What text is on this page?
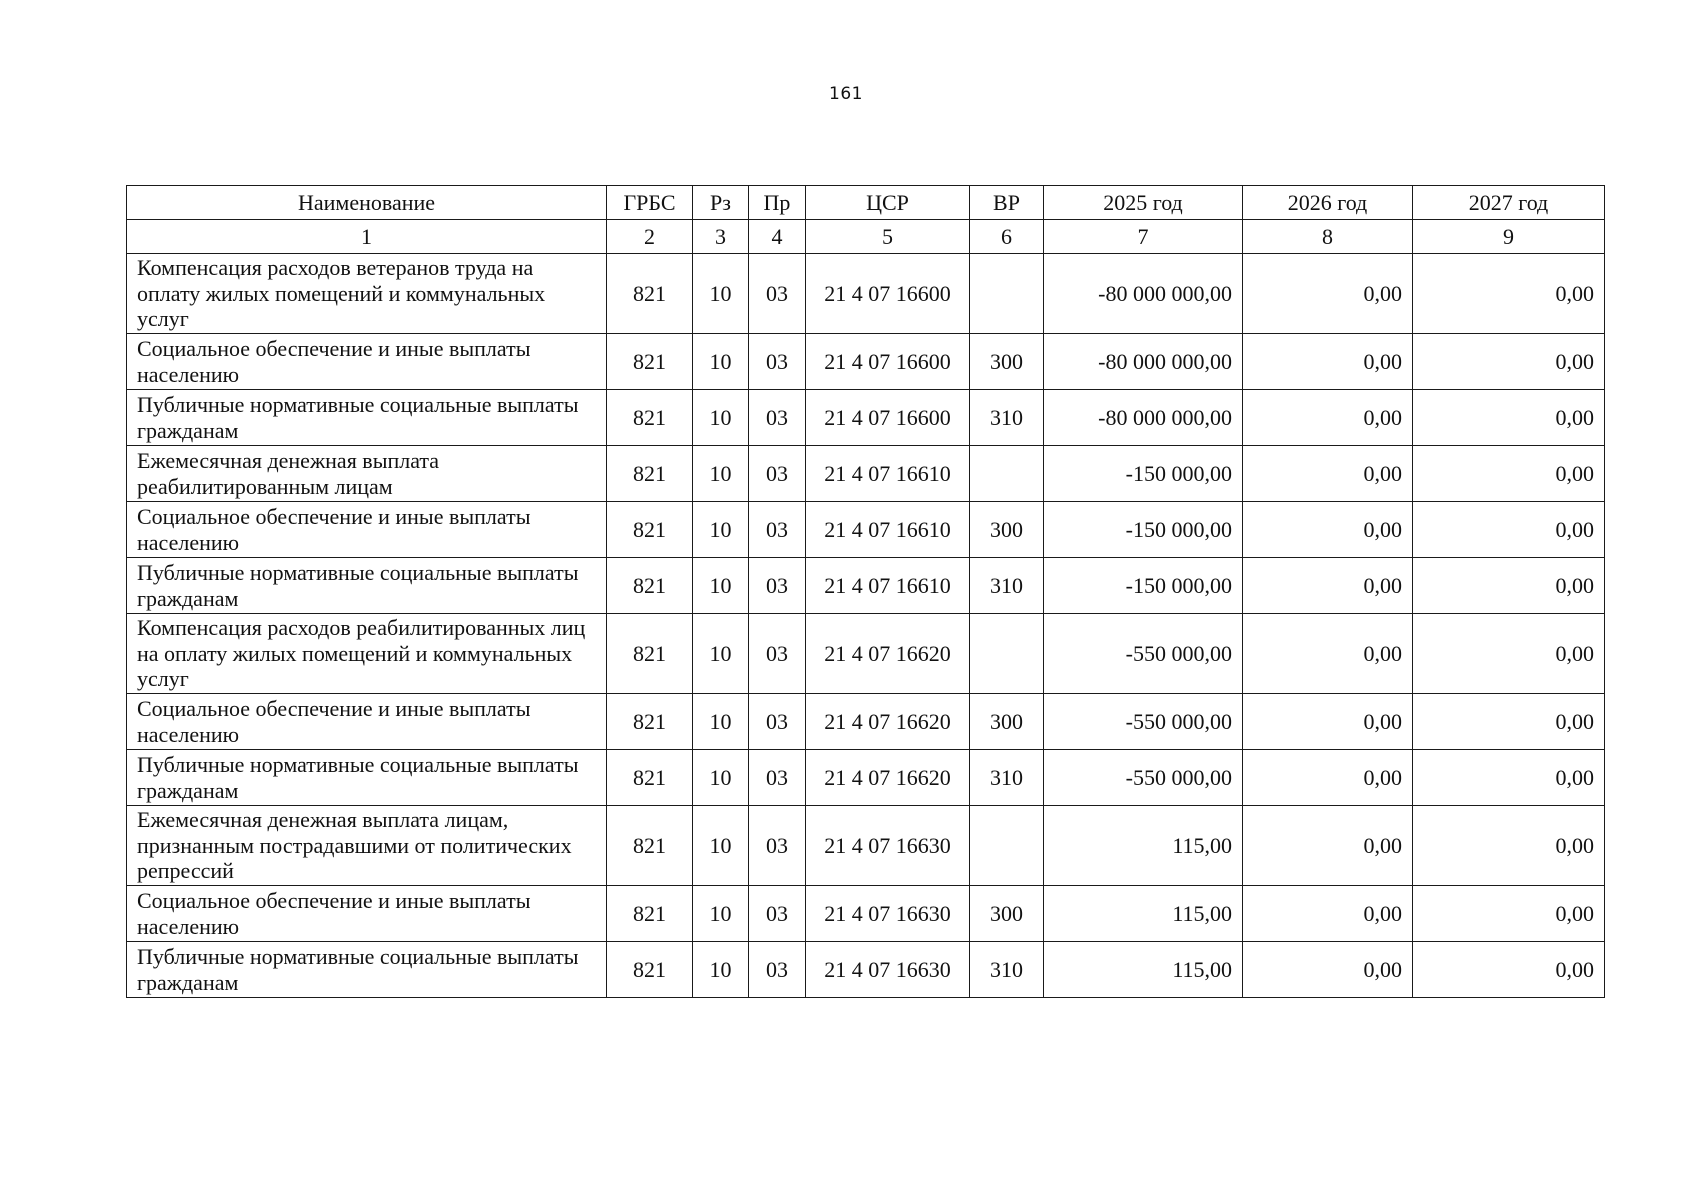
161
Наименование	ГРБС	Рз	Пр	ЦСР	ВР	2025 год	2026 год	2027 год
1	2	3	4	5	6	7	8	9
Компенсация расходов ветеранов труда на оплату жилых помещений и коммунальных услуг	821	10	03	21 4 07 16600		-80 000 000,00	0,00	0,00
Социальное обеспечение и иные выплаты населению	821	10	03	21 4 07 16600	300	-80 000 000,00	0,00	0,00
Публичные нормативные социальные выплаты гражданам	821	10	03	21 4 07 16600	310	-80 000 000,00	0,00	0,00
Ежемесячная денежная выплата реабилитированным лицам	821	10	03	21 4 07 16610		-150 000,00	0,00	0,00
Социальное обеспечение и иные выплаты населению	821	10	03	21 4 07 16610	300	-150 000,00	0,00	0,00
Публичные нормативные социальные выплаты гражданам	821	10	03	21 4 07 16610	310	-150 000,00	0,00	0,00
Компенсация расходов реабилитированных лиц на оплату жилых помещений и коммунальных услуг	821	10	03	21 4 07 16620		-550 000,00	0,00	0,00
Социальное обеспечение и иные выплаты населению	821	10	03	21 4 07 16620	300	-550 000,00	0,00	0,00
Публичные нормативные социальные выплаты гражданам	821	10	03	21 4 07 16620	310	-550 000,00	0,00	0,00
Ежемесячная денежная выплата лицам, признанным пострадавшими от политических репрессий	821	10	03	21 4 07 16630		115,00	0,00	0,00
Социальное обеспечение и иные выплаты населению	821	10	03	21 4 07 16630	300	115,00	0,00	0,00
Публичные нормативные социальные выплаты гражданам	821	10	03	21 4 07 16630	310	115,00	0,00	0,00
